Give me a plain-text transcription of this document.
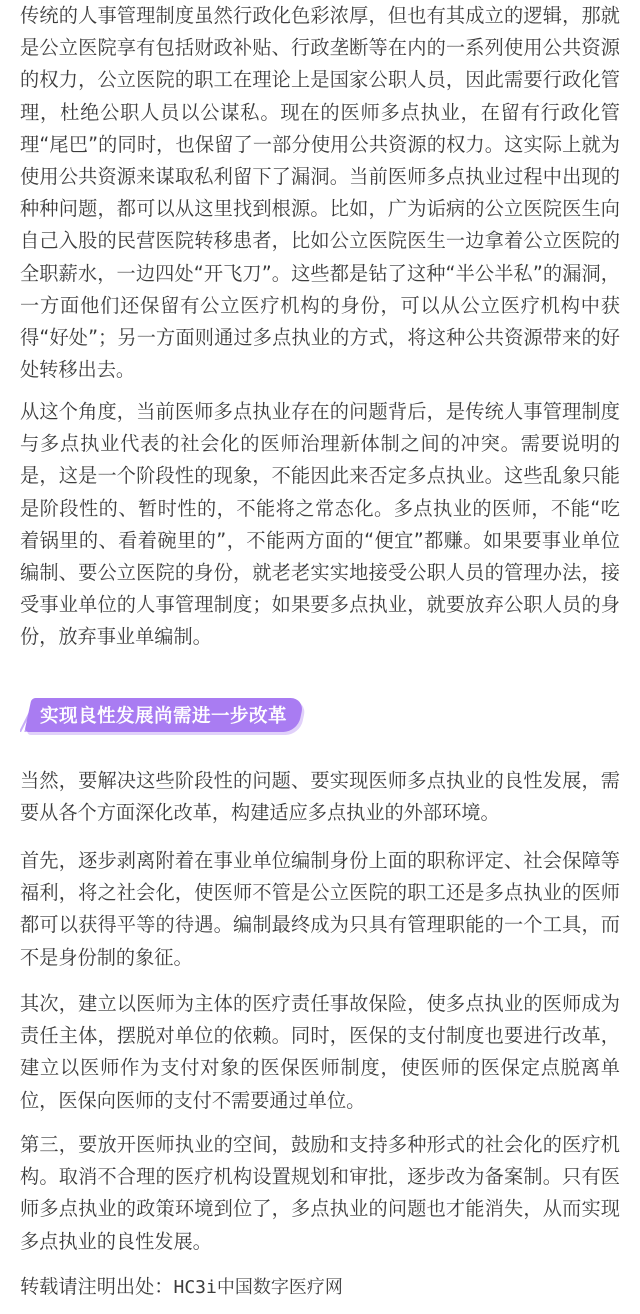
传统的人事管理制度虽然行政化色彩浓厚，但也有其成立的逻辑，那就是公立医院享有包括财政补贴、行政垄断等在内的一系列使用公共资源的权力，公立医院的职工在理论上是国家公职人员，因此需要行政化管理，杜绝公职人员以公谋私。现在的医师多点执业，在留有行政化管理“尾巴”的同时，也保留了一部分使用公共资源的权力。这实际上就为使用公共资源来谋取私利留下了漏洞。当前医师多点执业过程中出现的种种问题，都可以从这里找到根源。比如，广为诟病的公立医院医生向自己入股的民营医院转移患者，比如公立医院医生一边拿着公立医院的全职薪水，一边四处“开飞刀”。这些都是钻了这种“半公半私”的漏洞，一方面他们还保留有公立医疗机构的身份，可以从公立医疗机构中获得“好处”；另一方面则通过多点执业的方式，将这种公共资源带来的好处转移出去。

从这个角度，当前医师多点执业存在的问题背后，是传统人事管理制度与多点执业代表的社会化的医师治理新体制之间的冲突。需要说明的是，这是一个阶段性的现象，不能因此来否定多点执业。这些乱象只能是阶段性的、暂时性的，不能将之常态化。多点执业的医师，不能“吃着锅里的、看着碗里的”，不能两方面的“便宜”都赚。如果要事业单位编制、要公立医院的身份，就老老实实地接受公职人员的管理办法，接受事业单位的人事管理制度；如果要多点执业，就要放弃公职人员的身份，放弃事业单编制。

当然，要解决这些阶段性的问题、要实现医师多点执业的良性发展，需要从各个方面深化改革，构建适应多点执业的外部环境。

首先，逐步剥离附着在事业单位编制身份上面的职称评定、社会保障等福利，将之社会化，使医师不管是公立医院的职工还是多点执业的医师都可以获得平等的待遇。编制最终成为只具有管理职能的一个工具，而不是身份制的象征。

其次，建立以医师为主体的医疗责任事故保险，使多点执业的医师成为责任主体，摆脱对单位的依赖。同时，医保的支付制度也要进行改革，建立以医师作为支付对象的医保医师制度，使医师的医保定点脱离单位，医保向医师的支付不需要通过单位。

第三，要放开医师执业的空间，鼓励和支持多种形式的社会化的医疗机构。取消不合理的医疗机构设置规划和审批，逐步改为备案制。只有医师多点执业的政策环境到位了，多点执业的问题也才能消失，从而实现多点执业的良性发展。

转载请注明出处：HC3i中国数字医疗网

实现良性发展尚需进一步改革
